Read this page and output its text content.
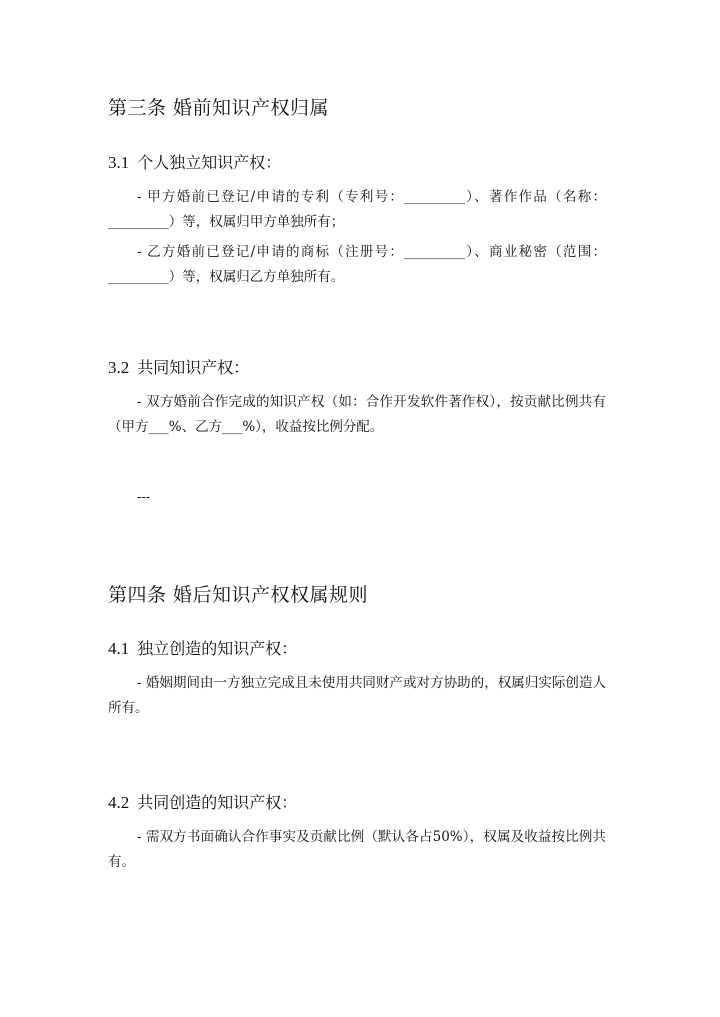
第三条 婚前知识产权归属
3.1 个人独立知识产权：
- 甲方婚前已登记/申请的专利（专利号：_________）、著作作品（名称：_________）等，权属归甲方单独所有；
- 乙方婚前已登记/申请的商标（注册号：_________）、商业秘密（范围：_________）等，权属归乙方单独所有。
3.2 共同知识产权：
- 双方婚前合作完成的知识产权（如：合作开发软件著作权），按贡献比例共有（甲方___%、乙方___%），收益按比例分配。
---
第四条 婚后知识产权权属规则
4.1 独立创造的知识产权：
- 婚姻期间由一方独立完成且未使用共同财产或对方协助的，权属归实际创造人所有。
4.2 共同创造的知识产权：
- 需双方书面确认合作事实及贡献比例（默认各占50%），权属及收益按比例共有。
